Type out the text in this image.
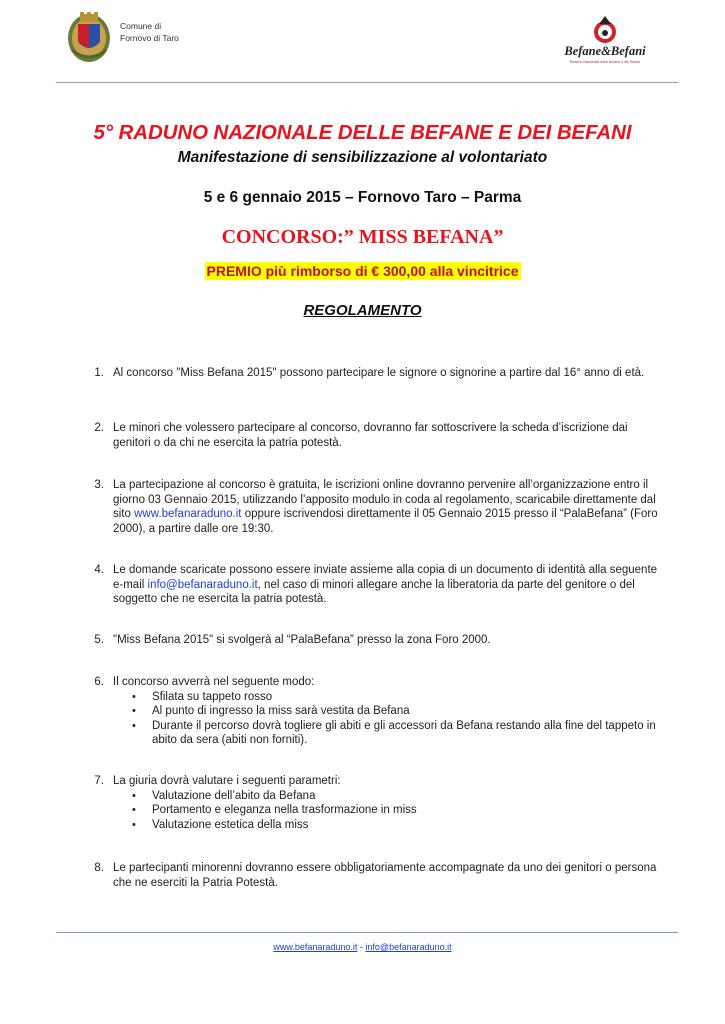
Comune di
Fornovo di Taro
Befane&Befani
Raduno Nazionale delle Befane e dei Befani
5° RADUNO NAZIONALE DELLE BEFANE E DEI BEFANI
Manifestazione di sensibilizzazione al volontariato
5 e 6 gennaio 2015 – Fornovo Taro – Parma
CONCORSO:” MISS BEFANA”
PREMIO più rimborso di € 300,00 alla vincitrice
REGOLAMENTO
1. Al concorso "Miss Befana 2015" possono partecipare le signore o signorine a partire dal 16° anno di età.
2. Le minori che volessero partecipare al concorso, dovranno far sottoscrivere la scheda d’iscrizione dai genitori o da chi ne esercita la patria potestà.
3. La partecipazione al concorso è gratuita, le iscrizioni online dovranno pervenire all’organizzazione entro il giorno 03 Gennaio 2015, utilizzando l’apposito modulo in coda al regolamento, scaricabile direttamente dal sito www.befanaraduno.it oppure iscrivendosi direttamente il 05 Gennaio 2015 presso il “PalaBefana” (Foro 2000), a partire dalle ore 19:30.
4. Le domande scaricate possono essere inviate assieme alla copia di un documento di identità alla seguente e-mail info@befanaraduno.it, nel caso di minori allegare anche la liberatoria da parte del genitore o del soggetto che ne esercita la patria potestà.
5. "Miss Befana 2015" si svolgerà al “PalaBefana” presso la zona Foro 2000.
6. Il concorso avverrà nel seguente modo:
• Sfilata su tappeto rosso
• Al punto di ingresso la miss sarà vestita da Befana
• Durante il percorso dovrà togliere gli abiti e gli accessori da Befana restando alla fine del tappeto in abito da sera (abiti non forniti).
7. La giuria dovrà valutare i seguenti parametri:
• Valutazione dell’abito da Befana
• Portamento e eleganza nella trasformazione in miss
• Valutazione estetica della miss
8. Le partecipanti minorenni dovranno essere obbligatoriamente accompagnate da uno dei genitori o persona che ne eserciti la Patria Potestà.
www.befanaraduno.it - info@befanaraduno.it
